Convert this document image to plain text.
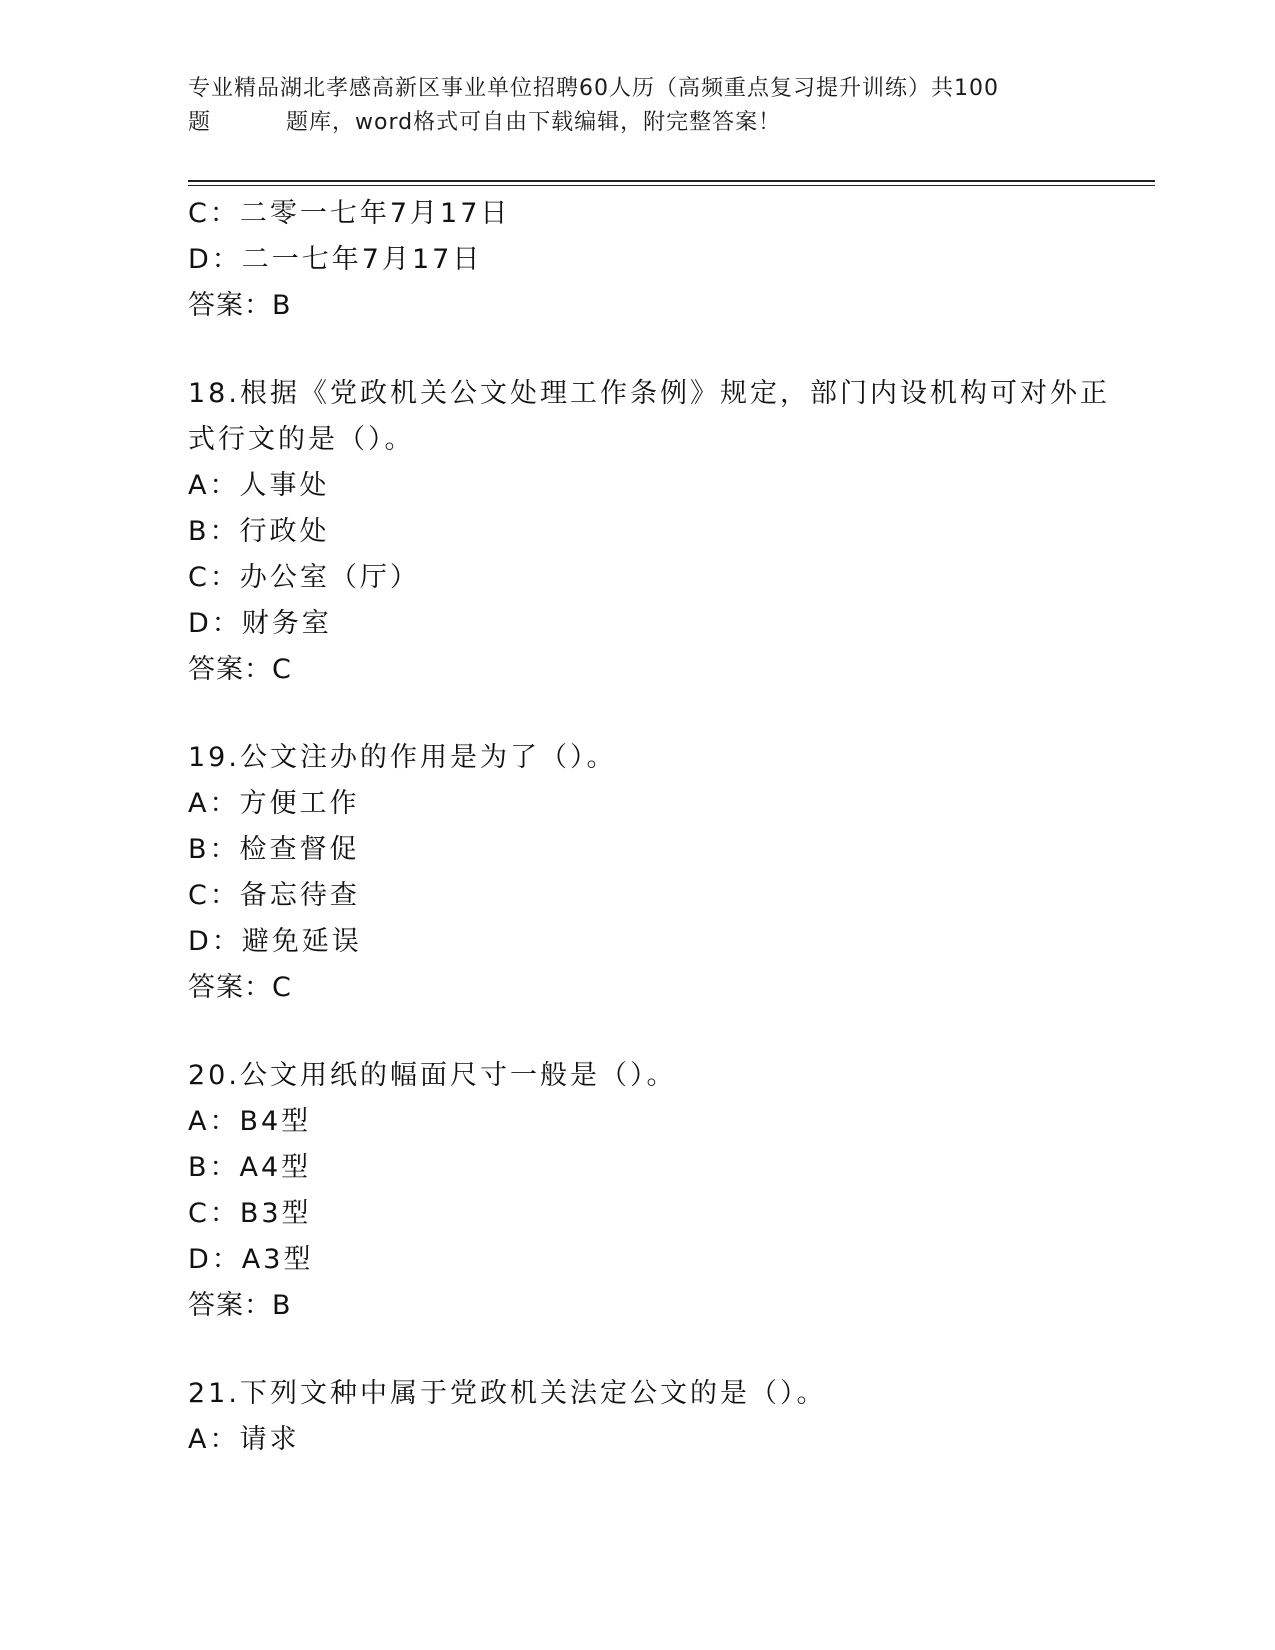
专业精品湖北孝感高新区事业单位招聘60人历（高频重点复习提升训练）共100
题	题库，word格式可自由下载编辑，附完整答案！
C：二零一七年7月17日
D：二一七年7月17日
答案：B
18.根据《党政机关公文处理工作条例》规定，部门内设机构可对外正
式行文的是（）。
A：人事处
B：行政处
C：办公室（厅）
D：财务室
答案：C
19.公文注办的作用是为了（）。
A：方便工作
B：检查督促
C：备忘待查
D：避免延误
答案：C
20.公文用纸的幅面尺寸一般是（）。
A：B4型
B：A4型
C：B3型
D：A3型
答案：B
21.下列文种中属于党政机关法定公文的是（）。
A：请求
